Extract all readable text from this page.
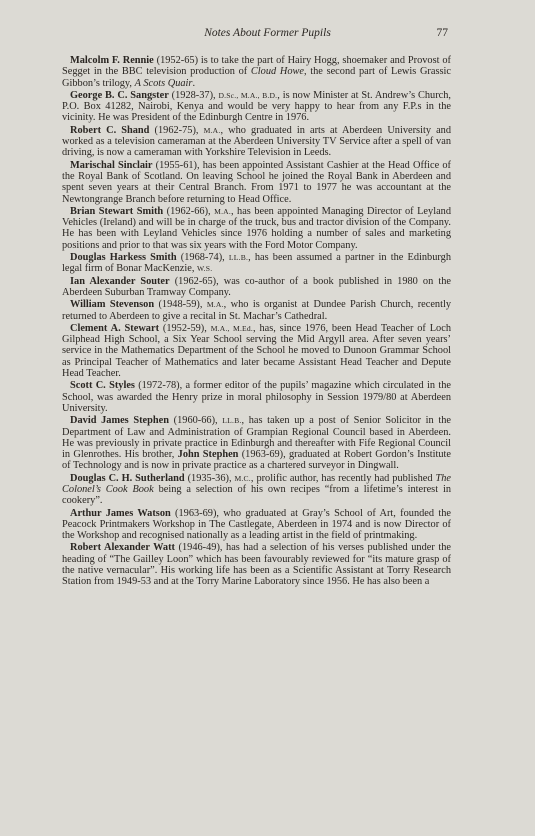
Notes About Former Pupils	77

Malcolm F. Rennie (1952-65) is to take the part of Hairy Hogg, shoemaker and Provost of Segget in the BBC television production of Cloud Howe, the second part of Lewis Grassic Gibbon’s trilogy, A Scots Quair.

George B. C. Sangster (1928-37), D.Sc., M.A., B.D., is now Minister at St. Andrew’s Church, P.O. Box 41282, Nairobi, Kenya and would be very happy to hear from any F.P.s in the vicinity. He was President of the Edinburgh Centre in 1976.

Robert C. Shand (1962-75), M.A., who graduated in arts at Aberdeen University and worked as a television cameraman at the Aberdeen University TV Service after a spell of van driving, is now a cameraman with Yorkshire Television in Leeds.

Marischal Sinclair (1955-61), has been appointed Assistant Cashier at the Head Office of the Royal Bank of Scotland. On leaving School he joined the Royal Bank in Aberdeen and spent seven years at their Central Branch. From 1971 to 1977 he was accountant at the Newtongrange Branch before returning to Head Office.

Brian Stewart Smith (1962-66), M.A., has been appointed Managing Director of Leyland Vehicles (Ireland) and will be in charge of the truck, bus and tractor division of the Company. He has been with Leyland Vehicles since 1976 holding a number of sales and marketing positions and prior to that was six years with the Ford Motor Company.

Douglas Harkess Smith (1968-74), LL.B., has been assumed a partner in the Edinburgh legal firm of Bonar MacKenzie, W.S.

Ian Alexander Souter (1962-65), was co-author of a book published in 1980 on the Aberdeen Suburban Tramway Company.

William Stevenson (1948-59), M.A., who is organist at Dundee Parish Church, recently returned to Aberdeen to give a recital in St. Machar’s Cathedral.

Clement A. Stewart (1952-59), M.A., M.Ed., has, since 1976, been Head Teacher of Loch Gilphead High School, a Six Year School serving the Mid Argyll area. After seven years’ service in the Mathematics Department of the School he moved to Dunoon Grammar School as Principal Teacher of Mathematics and later became Assistant Head Teacher and Depute Head Teacher.

Scott C. Styles (1972-78), a former editor of the pupils’ magazine which circulated in the School, was awarded the Henry prize in moral philosophy in Session 1979/80 at Aberdeen University.

David James Stephen (1960-66), LL.B., has taken up a post of Senior Solicitor in the Department of Law and Administration of Grampian Regional Council based in Aberdeen. He was previously in private practice in Edinburgh and thereafter with Fife Regional Council in Glenrothes. His brother, John Stephen (1963-69), graduated at Robert Gordon’s Institute of Technology and is now in private practice as a chartered surveyor in Dingwall.

Douglas C. H. Sutherland (1935-36), M.C., prolific author, has recently had published The Colonel’s Cook Book being a selection of his own recipes “from a lifetime’s interest in cookery”.

Arthur James Watson (1963-69), who graduated at Gray’s School of Art, founded the Peacock Printmakers Workshop in The Castlegate, Aberdeen in 1974 and is now Director of the Workshop and recognised nationally as a leading artist in the field of printmaking.

Robert Alexander Watt (1946-49), has had a selection of his verses published under the heading of “The Gailley Loon” which has been favourably reviewed for “its mature grasp of the native vernacular”. His working life has been as a Scientific Assistant at Torry Research Station from 1949-53 and at the Torry Marine Laboratory since 1956. He has also been a
